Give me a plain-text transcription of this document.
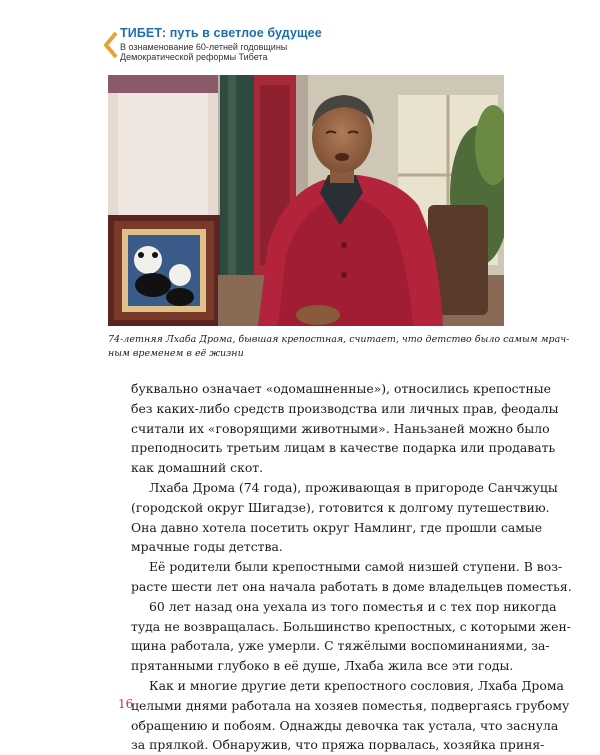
ТИБЕТ: путь в светлое будущее
В ознаменование 60-летней годовщины
Демократической реформы Тибета
74-летняя Лхаба Дрома, бывшая крепостная, считает, что детство было самым мрач-
ным временем в её жизни
буквально означает «одомашненные»), относились крепостные
без каких-либо средств производства или личных прав, феодалы
считали их «говорящими животными». Наньзаней можно было
преподносить третьим лицам в качестве подарка или продавать
как домашний скот.
Лхаба Дрома (74 года), проживающая в пригороде Санчжуцы
(городской округ Шигадзе), готовится к долгому путешествию.
Она давно хотела посетить округ Намлинг, где прошли самые
мрачные годы детства.
Её родители были крепостными самой низшей ступени. В воз-
расте шести лет она начала работать в доме владельцев поместья.
60 лет назад она уехала из того поместья и с тех пор никогда
туда не возвращалась. Большинство крепостных, с которыми жен-
щина работала, уже умерли. С тяжёлыми воспоминаниями, за-
прятанными глубоко в её душе, Лхаба жила все эти годы.
Как и многие другие дети крепостного сословия, Лхаба Дрома
целыми днями работала на хозяев поместья, подвергаясь грубому
обращению и побоям. Однажды девочка так устала, что заснула
за прялкой. Обнаружив, что пряжа порвалась, хозяйка приня-
16
